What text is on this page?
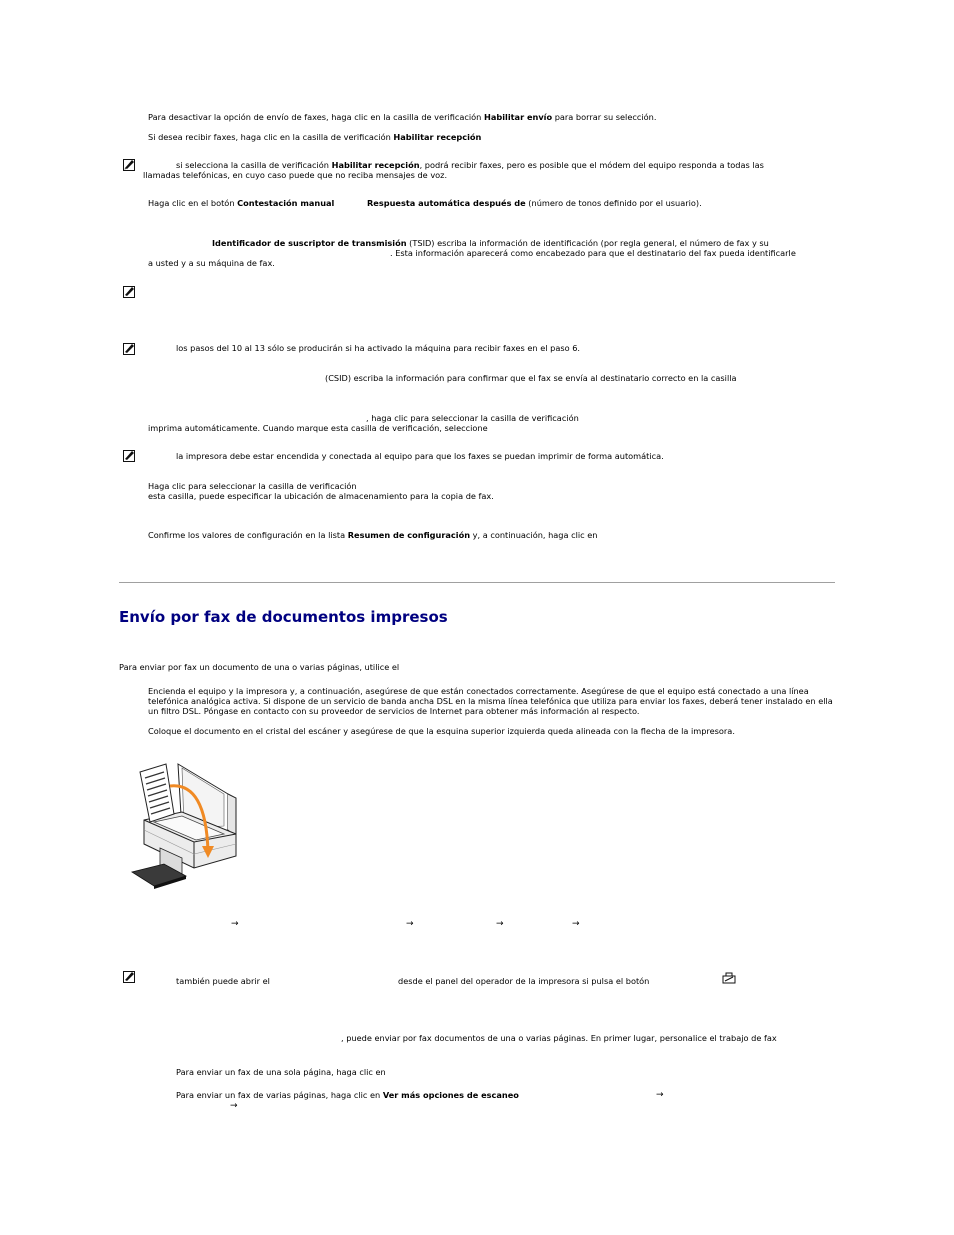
Para desactivar la opción de envío de faxes, haga clic en la casilla de verificación Habilitar envío para borrar su selección.
Si desea recibir faxes, haga clic en la casilla de verificación Habilitar recepción
si selecciona la casilla de verificación Habilitar recepción, podrá recibir faxes, pero es posible que el módem del equipo responda a todas las
llamadas telefónicas, en cuyo caso puede que no reciba mensajes de voz.
Haga clic en el botón Contestación manual	Respuesta automática después de (número de tonos definido por el usuario).
Identificador de suscriptor de transmisión (TSID) escriba la información de identificación (por regla general, el número de fax y su
. Esta información aparecerá como encabezado para que el destinatario del fax pueda identificarle
a usted y a su máquina de fax.
los pasos del 10 al 13 sólo se producirán si ha activado la máquina para recibir faxes en el paso 6.
(CSID) escriba la información para confirmar que el fax se envía al destinatario correcto en la casilla
, haga clic para seleccionar la casilla de verificación
imprima automáticamente. Cuando marque esta casilla de verificación, seleccione
la impresora debe estar encendida y conectada al equipo para que los faxes se puedan imprimir de forma automática.
Haga clic para seleccionar la casilla de verificación
esta casilla, puede especificar la ubicación de almacenamiento para la copia de fax.
Confirme los valores de configuración en la lista Resumen de configuración y, a continuación, haga clic en
Envío por fax de documentos impresos
Para enviar por fax un documento de una o varias páginas, utilice el
Encienda el equipo y la impresora y, a continuación, asegúrese de que están conectados correctamente. Asegúrese de que el equipo está conectado a una línea telefónica analógica activa. Si dispone de un servicio de banda ancha DSL en la misma línea telefónica que utiliza para enviar los faxes, deberá tener instalado en ella un filtro DSL. Póngase en contacto con su proveedor de servicios de Internet para obtener más información al respecto.
Coloque el documento en el cristal del escáner y asegúrese de que la esquina superior izquierda queda alineada con la flecha de la impresora.
→	→	→	→
también puede abrir el	desde el panel del operador de la impresora si pulsa el botón
, puede enviar por fax documentos de una o varias páginas. En primer lugar, personalice el trabajo de fax
Para enviar un fax de una sola página, haga clic en
Para enviar un fax de varias páginas, haga clic en Ver más opciones de escaneo	→
→
